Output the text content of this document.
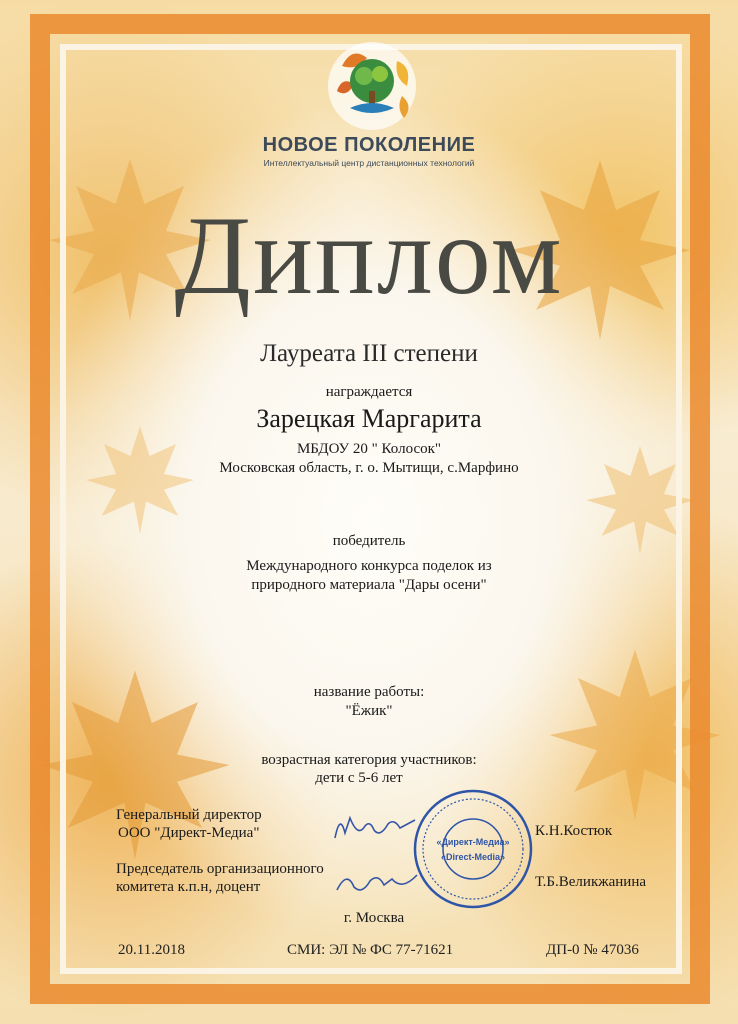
НОВОЕ ПОКОЛЕНИЕ
Интеллектуальный центр дистанционных технологий
Диплом
Лауреата III степени
награждается
Зарецкая Маргарита
МБДОУ 20 " Колосок"
Московская область, г. о. Мытищи, с.Марфино
победитель
Международного конкурса поделок из
природного материала "Дары осени"
название работы:
"Ёжик"
возрастная категория участников:
дети с 5-6 лет
Генеральный директор
ООО "Директ-Медиа"	К.Н.Костюк
Председатель организационного
комитета к.п.н, доцент	Т.Б.Великжанина
«Директ-Медиа»
«Direct-Media»
г. Москва
20.11.2018	СМИ: ЭЛ № ФС 77-71621	ДП-0 № 47036
